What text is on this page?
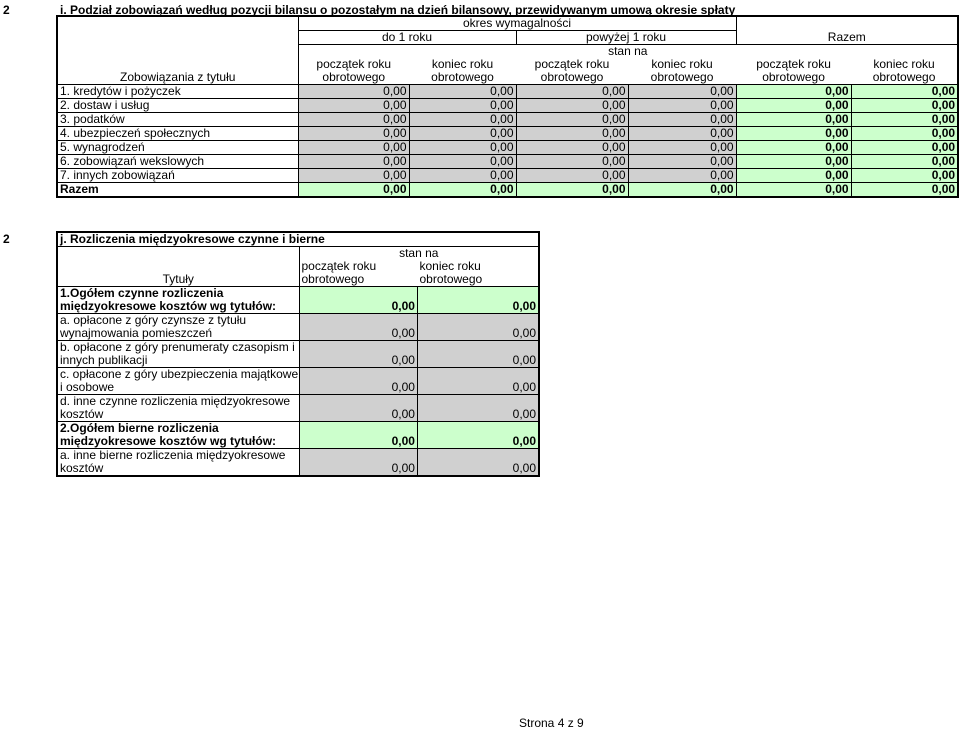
2	i. Podział zobowiązań według pozycji bilansu o pozostałym na dzień bilansowy, przewidywanym umową okresie spłaty
	okres wymagalności					
	do 1 roku		powyżej 1 roku		Razem	
	stan na					
	początek roku	koniec roku	początek roku	koniec roku	początek roku	koniec roku
Zobowiązania z tytułu	obrotowego	obrotowego	obrotowego	obrotowego	obrotowego	obrotowego
1. kredytów i pożyczek	0,00	0,00	0,00	0,00	0,00	0,00
2. dostaw i usług	0,00	0,00	0,00	0,00	0,00	0,00
3. podatków	0,00	0,00	0,00	0,00	0,00	0,00
4. ubezpieczeń społecznych	0,00	0,00	0,00	0,00	0,00	0,00
5. wynagrodzeń	0,00	0,00	0,00	0,00	0,00	0,00
6. zobowiązań wekslowych	0,00	0,00	0,00	0,00	0,00	0,00
7. innych zobowiązań	0,00	0,00	0,00	0,00	0,00	0,00
Razem	0,00	0,00	0,00	0,00	0,00	0,00
2	j. Rozliczenia międzyokresowe czynne i bierne

	stan na	
	początek roku	koniec roku
Tytuły	obrotowego	obrotowego
1.Ogółem czynne rozliczenia		
międzyokresowe kosztów wg tytułów:	0,00	0,00
a. opłacone z góry czynsze z tytułu		
wynajmowania pomieszczeń	0,00	0,00
b. opłacone z góry prenumeraty czasopism i		
innych publikacji	0,00	0,00
c. opłacone z góry ubezpieczenia majątkowe		
i osobowe	0,00	0,00
d. inne czynne rozliczenia międzyokresowe		
kosztów	0,00	0,00
2.Ogółem bierne rozliczenia		
międzyokresowe kosztów wg tytułów:	0,00	0,00
a. inne bierne rozliczenia międzyokresowe		
kosztów	0,00	0,00
Strona 4 z 9
